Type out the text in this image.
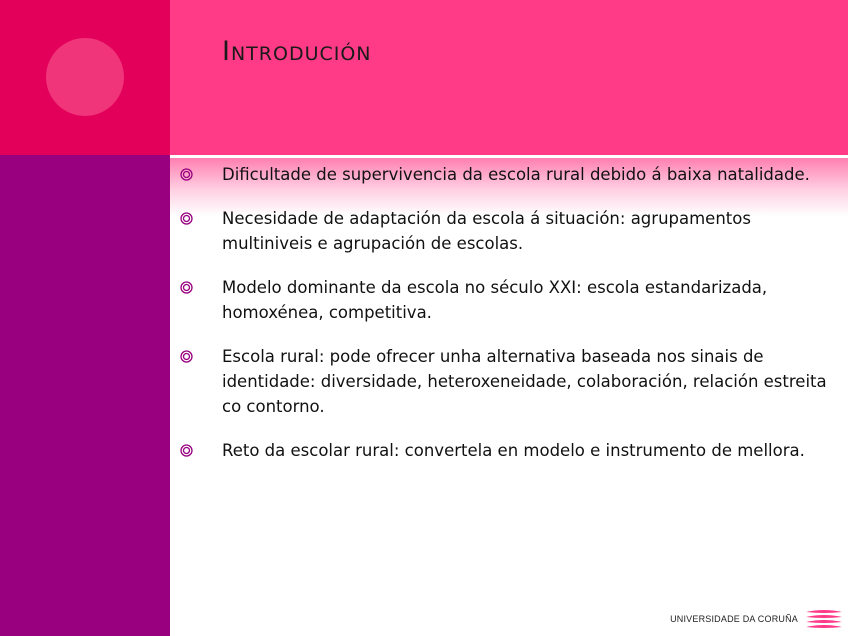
Introdución
Dificultade de supervivencia da escola rural debido á baixa natalidade.
Necesidade de adaptación da escola á situación: agrupamentos multiniveis e agrupación de escolas.
Modelo dominante da escola no século XXI: escola estandarizada, homoxénea, competitiva.
Escola rural: pode ofrecer unha alternativa baseada nos sinais de identidade: diversidade, heteroxeneidade, colaboración, relación estreita co contorno.
Reto da escolar rural: convertela en modelo e instrumento de mellora.
UNIVERSIDADE DA CORUÑA
